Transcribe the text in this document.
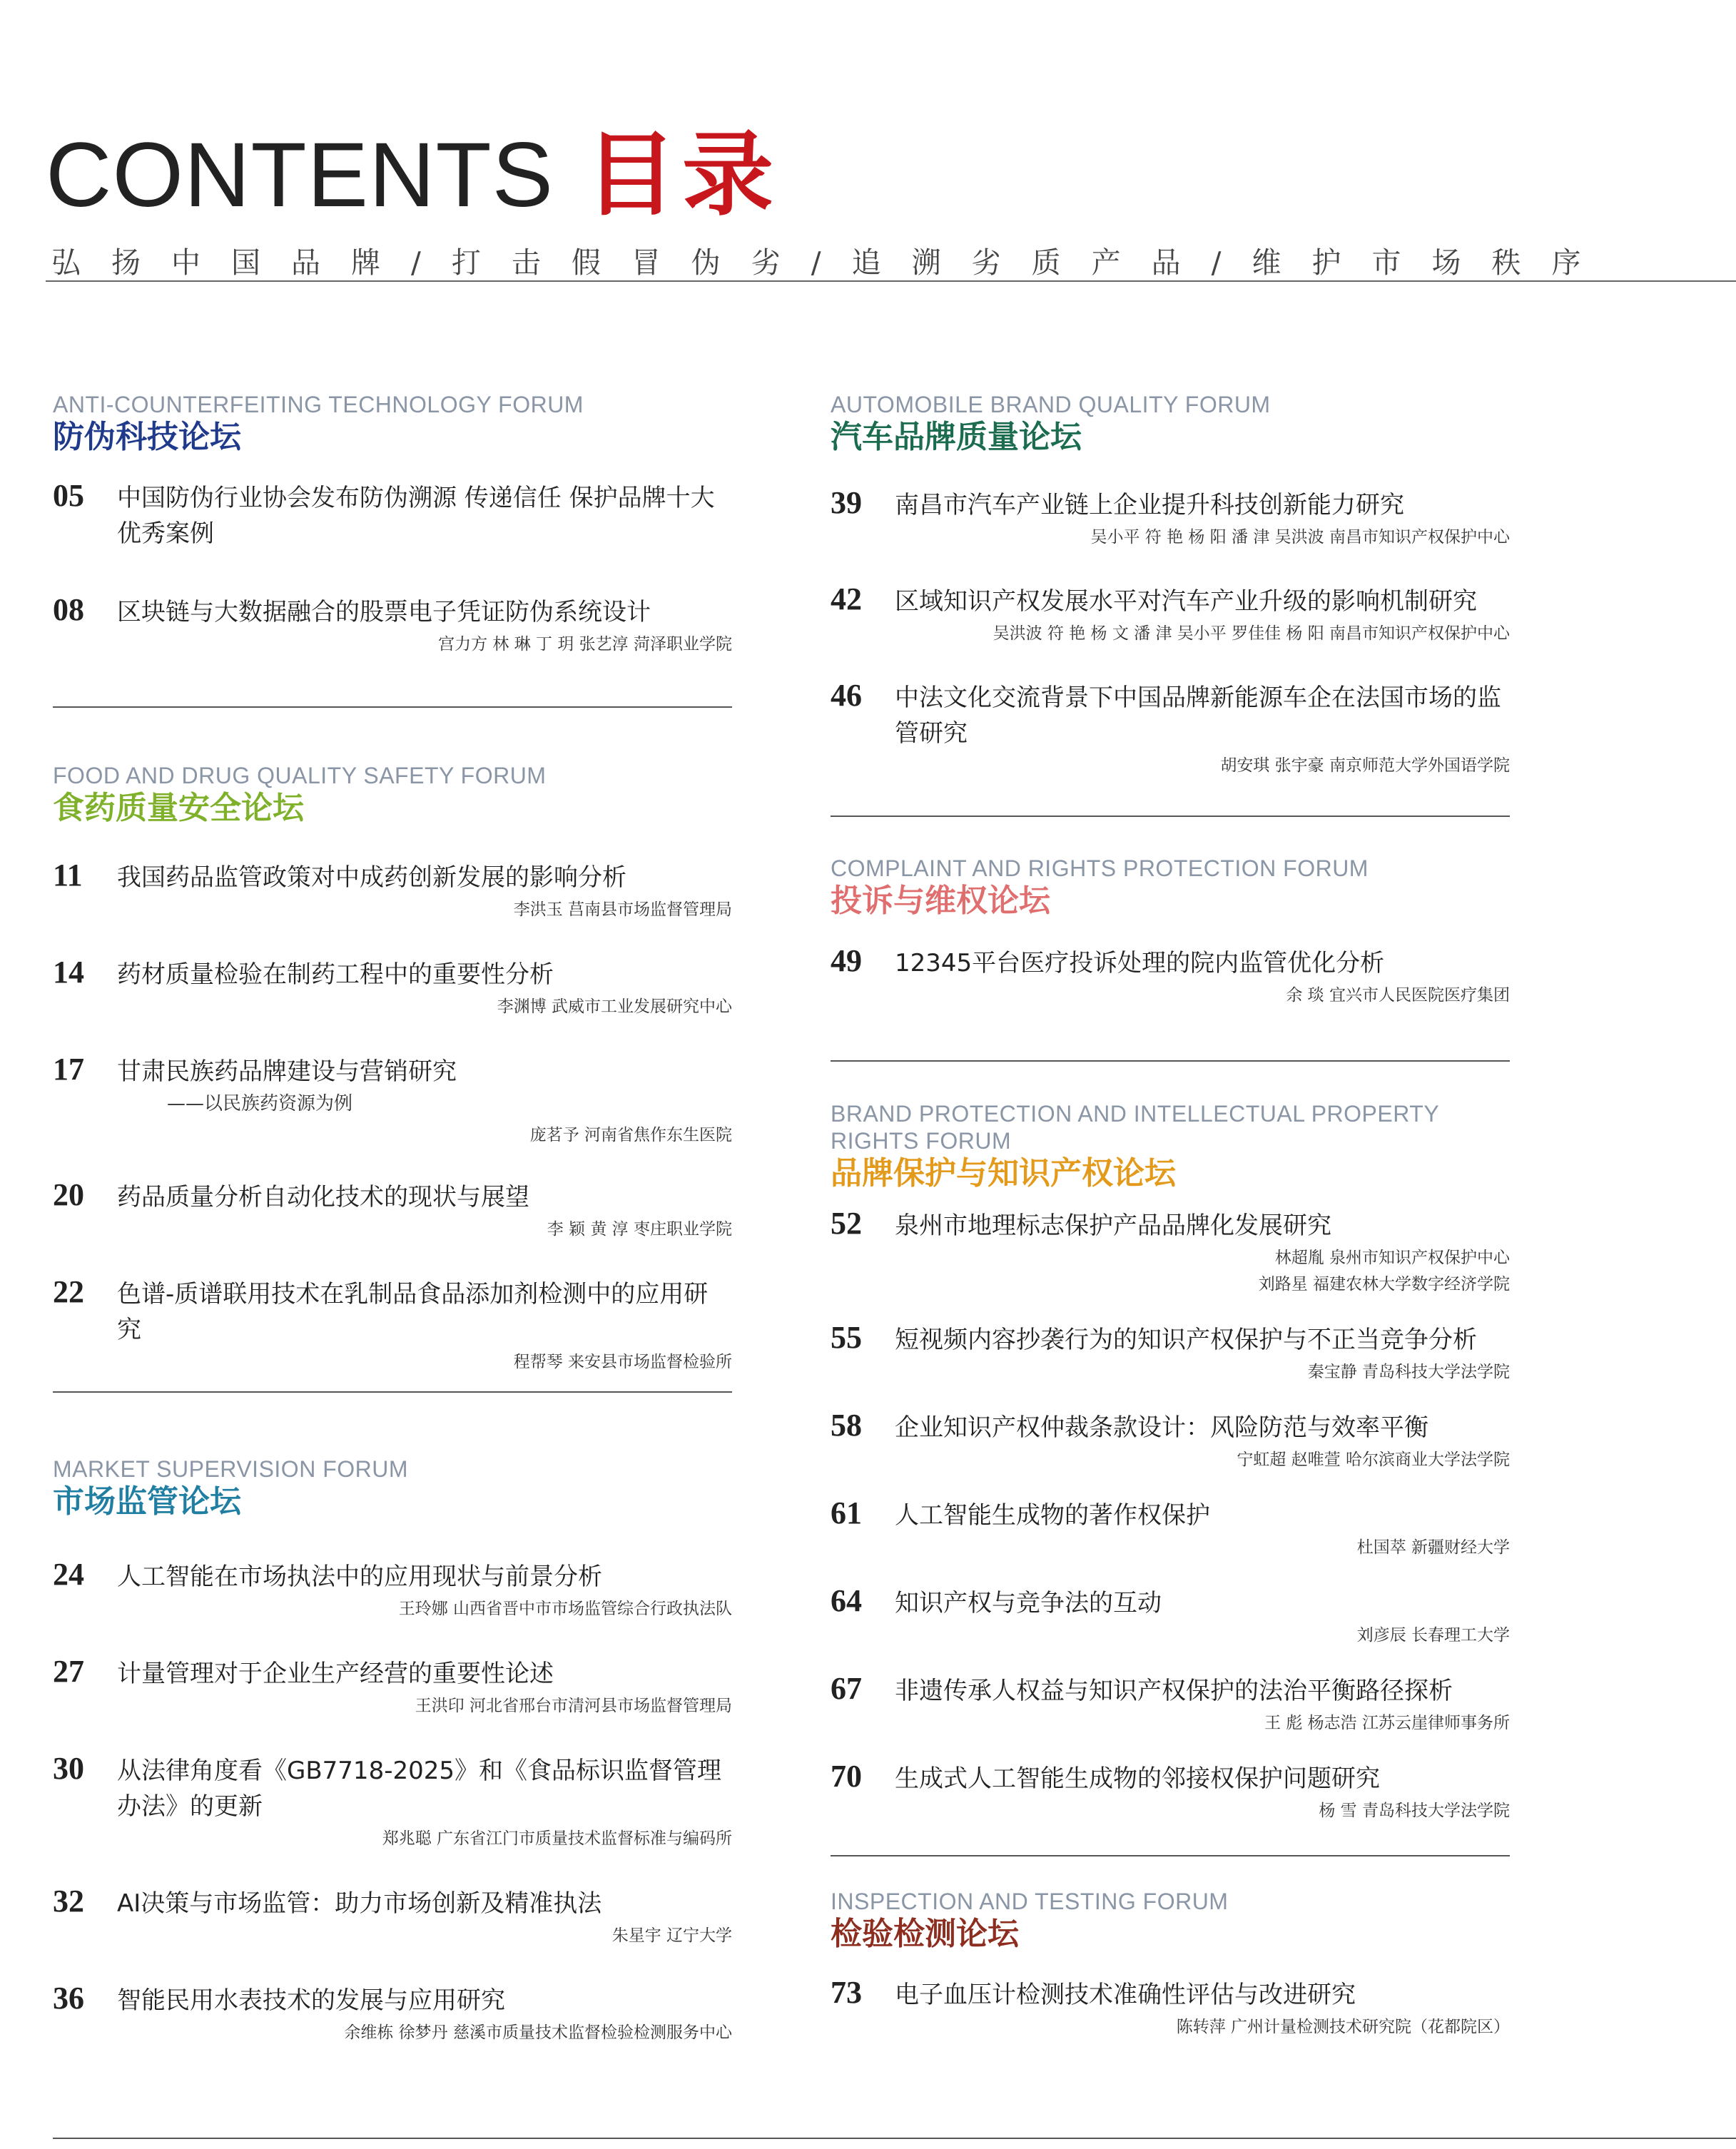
CONTENTS 目录
弘扬中国品牌/打击假冒伪劣/追溯劣质产品/维护市场秩序
ANTI-COUNTERFEITING TECHNOLOGY FORUM
防伪科技论坛
05 中国防伪行业协会发布防伪溯源 传递信任 保护品牌十大优秀案例
08 区块链与大数据融合的股票电子凭证防伪系统设计
宫力方 林 琳 丁 玥 张艺淳 菏泽职业学院
FOOD AND DRUG QUALITY SAFETY FORUM
食药质量安全论坛
11 我国药品监管政策对中成药创新发展的影响分析
李洪玉 莒南县市场监督管理局
14 药材质量检验在制药工程中的重要性分析
李渊博 武威市工业发展研究中心
17 甘肃民族药品牌建设与营销研究
——以民族药资源为例
庞茗予 河南省焦作东生医院
20 药品质量分析自动化技术的现状与展望
李 颖 黄 淳 枣庄职业学院
22 色谱-质谱联用技术在乳制品食品添加剂检测中的应用研究
程帮琴 来安县市场监督检验所
MARKET SUPERVISION FORUM
市场监管论坛
24 人工智能在市场执法中的应用现状与前景分析
王玲娜 山西省晋中市市场监管综合行政执法队
27 计量管理对于企业生产经营的重要性论述
王洪印 河北省邢台市清河县市场监督管理局
30 从法律角度看《GB7718-2025》和《食品标识监督管理办法》的更新
郑兆聪 广东省江门市质量技术监督标准与编码所
32 AI决策与市场监管：助力市场创新及精准执法
朱星宇 辽宁大学
36 智能民用水表技术的发展与应用研究
余维栋 徐梦丹 慈溪市质量技术监督检验检测服务中心
AUTOMOBILE BRAND QUALITY FORUM
汽车品牌质量论坛
39 南昌市汽车产业链上企业提升科技创新能力研究
吴小平 符 艳 杨 阳 潘 津 吴洪波 南昌市知识产权保护中心
42 区域知识产权发展水平对汽车产业升级的影响机制研究
吴洪波 符 艳 杨 文 潘 津 吴小平 罗佳佳 杨 阳 南昌市知识产权保护中心
46 中法文化交流背景下中国品牌新能源车企在法国市场的监管研究
胡安琪 张宇豪 南京师范大学外国语学院
COMPLAINT AND RIGHTS PROTECTION FORUM
投诉与维权论坛
49 12345平台医疗投诉处理的院内监管优化分析
余 琰 宜兴市人民医院医疗集团
BRAND PROTECTION AND INTELLECTUAL PROPERTY RIGHTS FORUM
品牌保护与知识产权论坛
52 泉州市地理标志保护产品品牌化发展研究
林超胤 泉州市知识产权保护中心
刘路星 福建农林大学数字经济学院
55 短视频内容抄袭行为的知识产权保护与不正当竞争分析
秦宝静 青岛科技大学法学院
58 企业知识产权仲裁条款设计：风险防范与效率平衡
宁虹超 赵唯萱 哈尔滨商业大学法学院
61 人工智能生成物的著作权保护
杜国萃 新疆财经大学
64 知识产权与竞争法的互动
刘彦辰 长春理工大学
67 非遗传承人权益与知识产权保护的法治平衡路径探析
王 彪 杨志浩 江苏云崖律师事务所
70 生成式人工智能生成物的邻接权保护问题研究
杨 雪 青岛科技大学法学院
INSPECTION AND TESTING FORUM
检验检测论坛
73 电子血压计检测技术准确性评估与改进研究
陈转萍 广州计量检测技术研究院（花都院区）
